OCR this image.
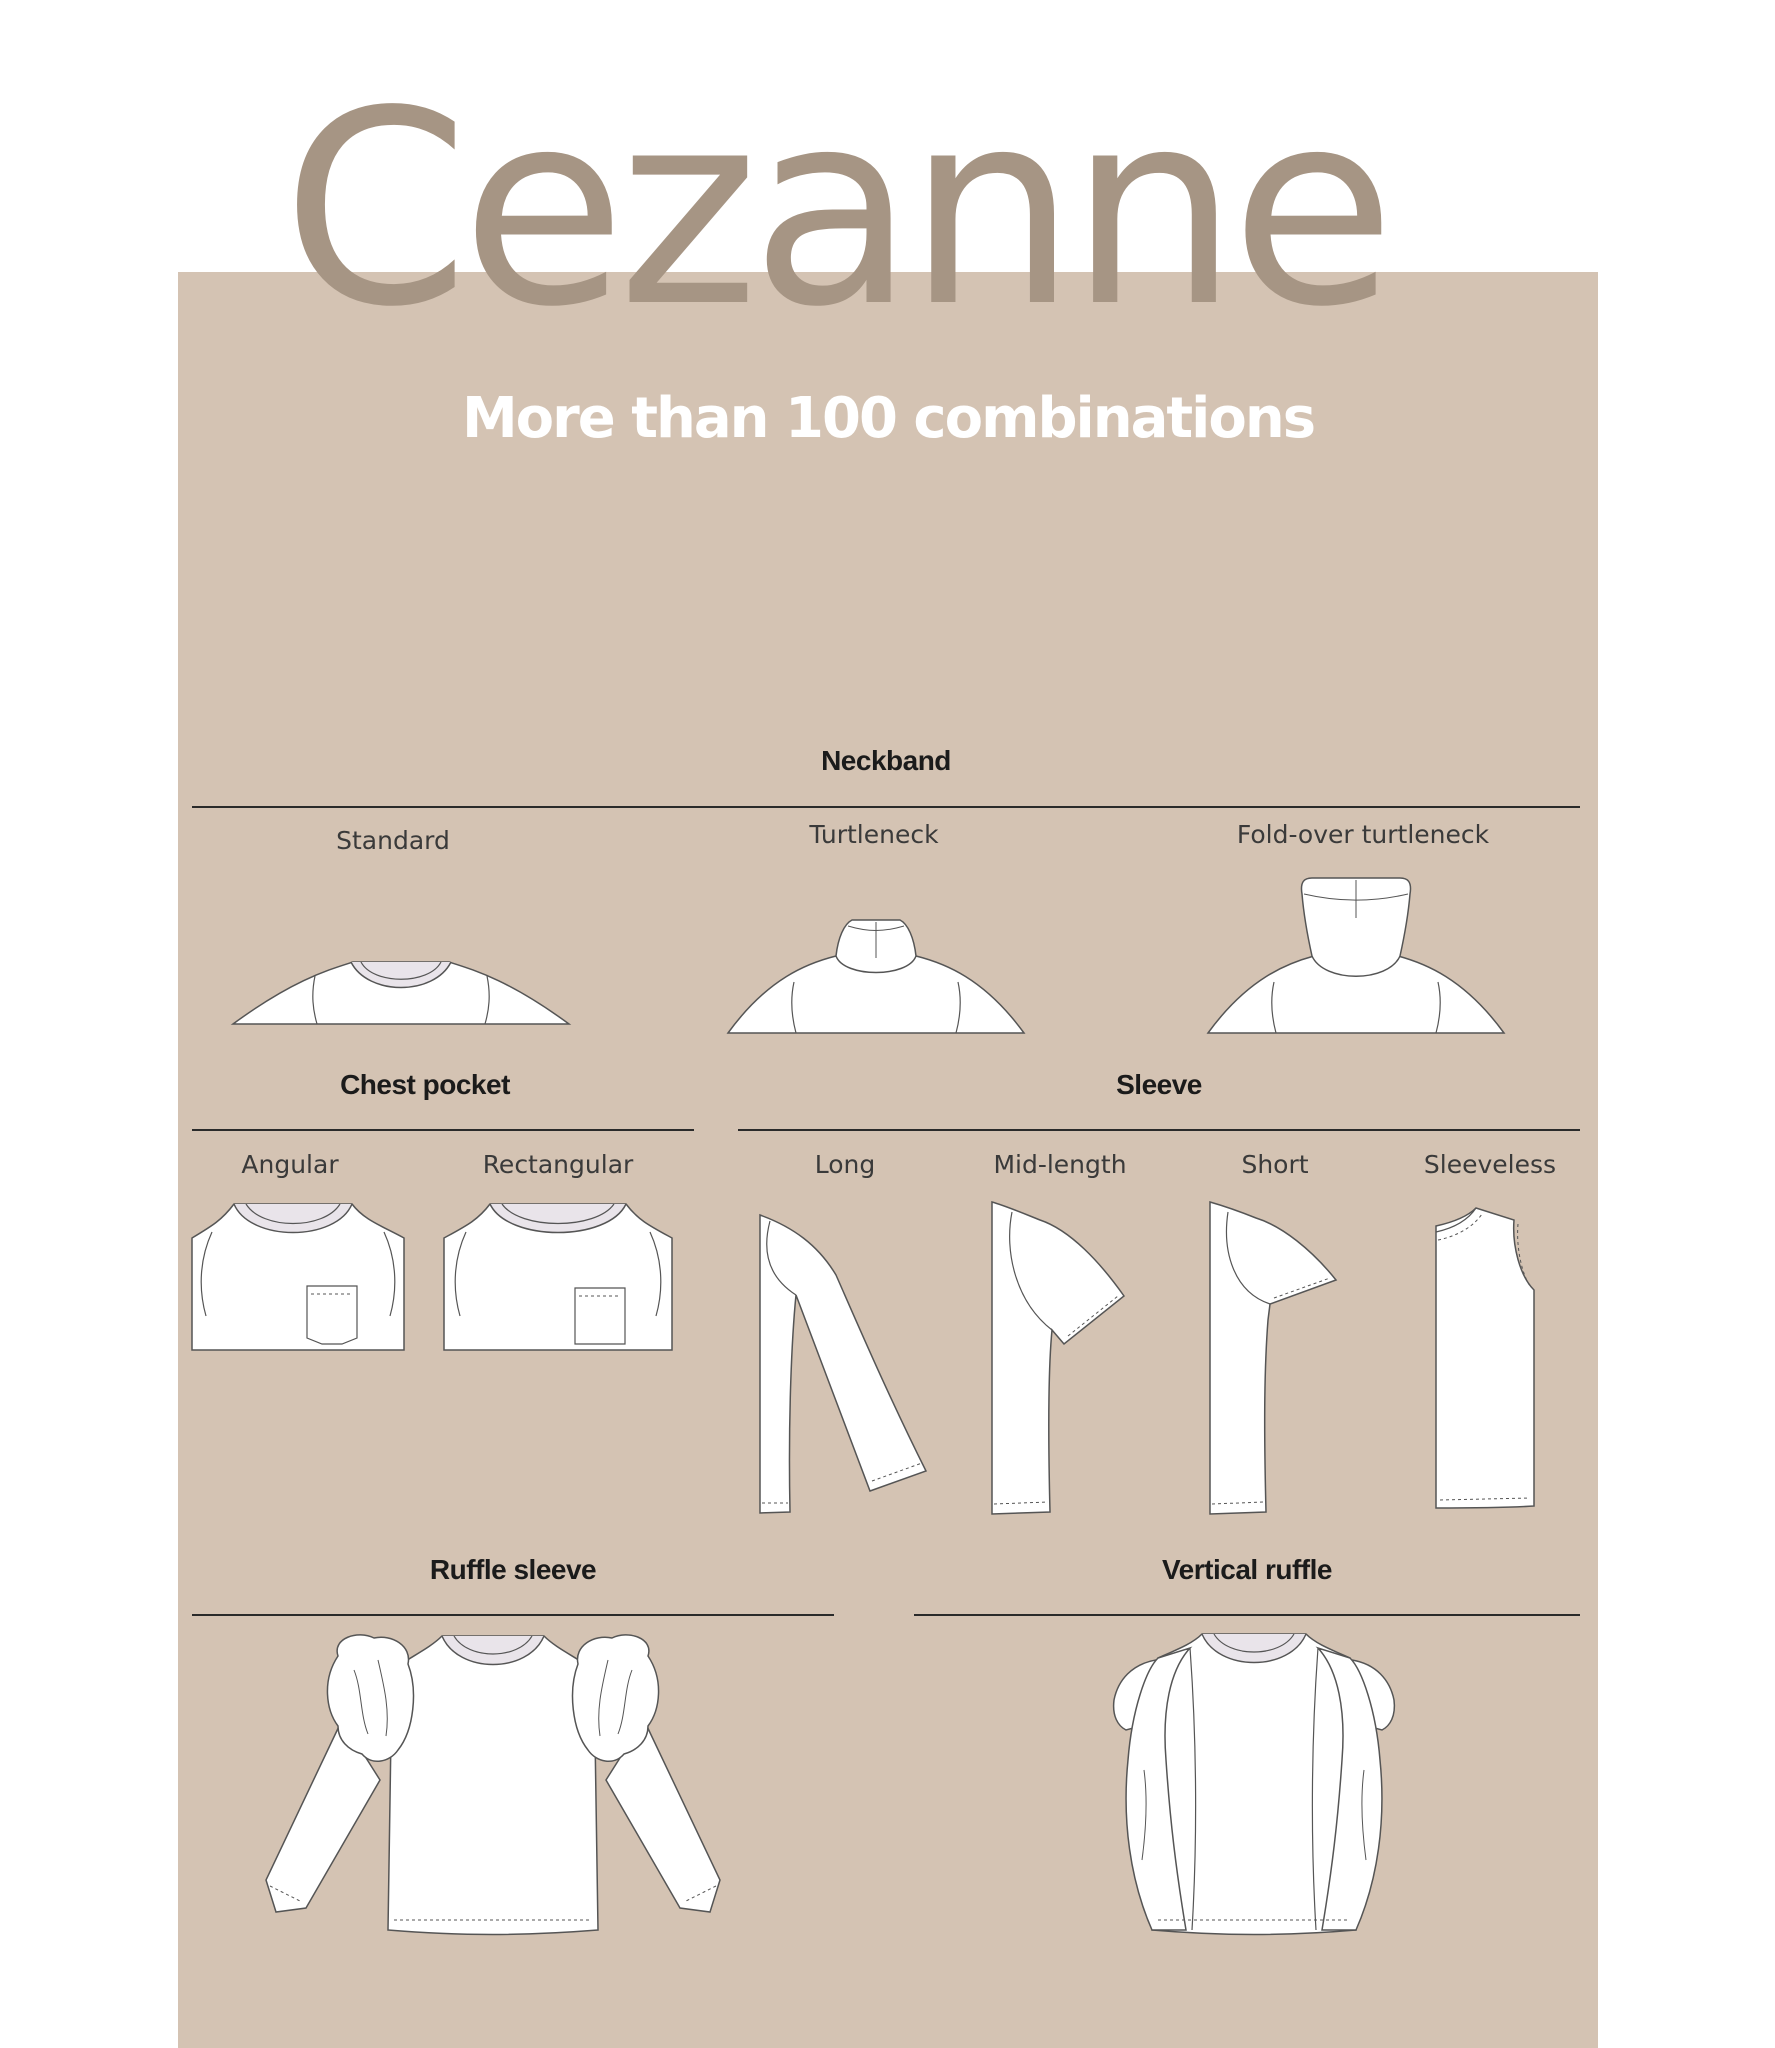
Cezanne
More than 100 combinations
Neckband
Standard	Turtleneck	Fold-over turtleneck
Chest pocket
Angular	Rectangular
Sleeve
Long	Mid-length	Short	Sleeveless
Ruffle sleeve	Vertical ruffle
